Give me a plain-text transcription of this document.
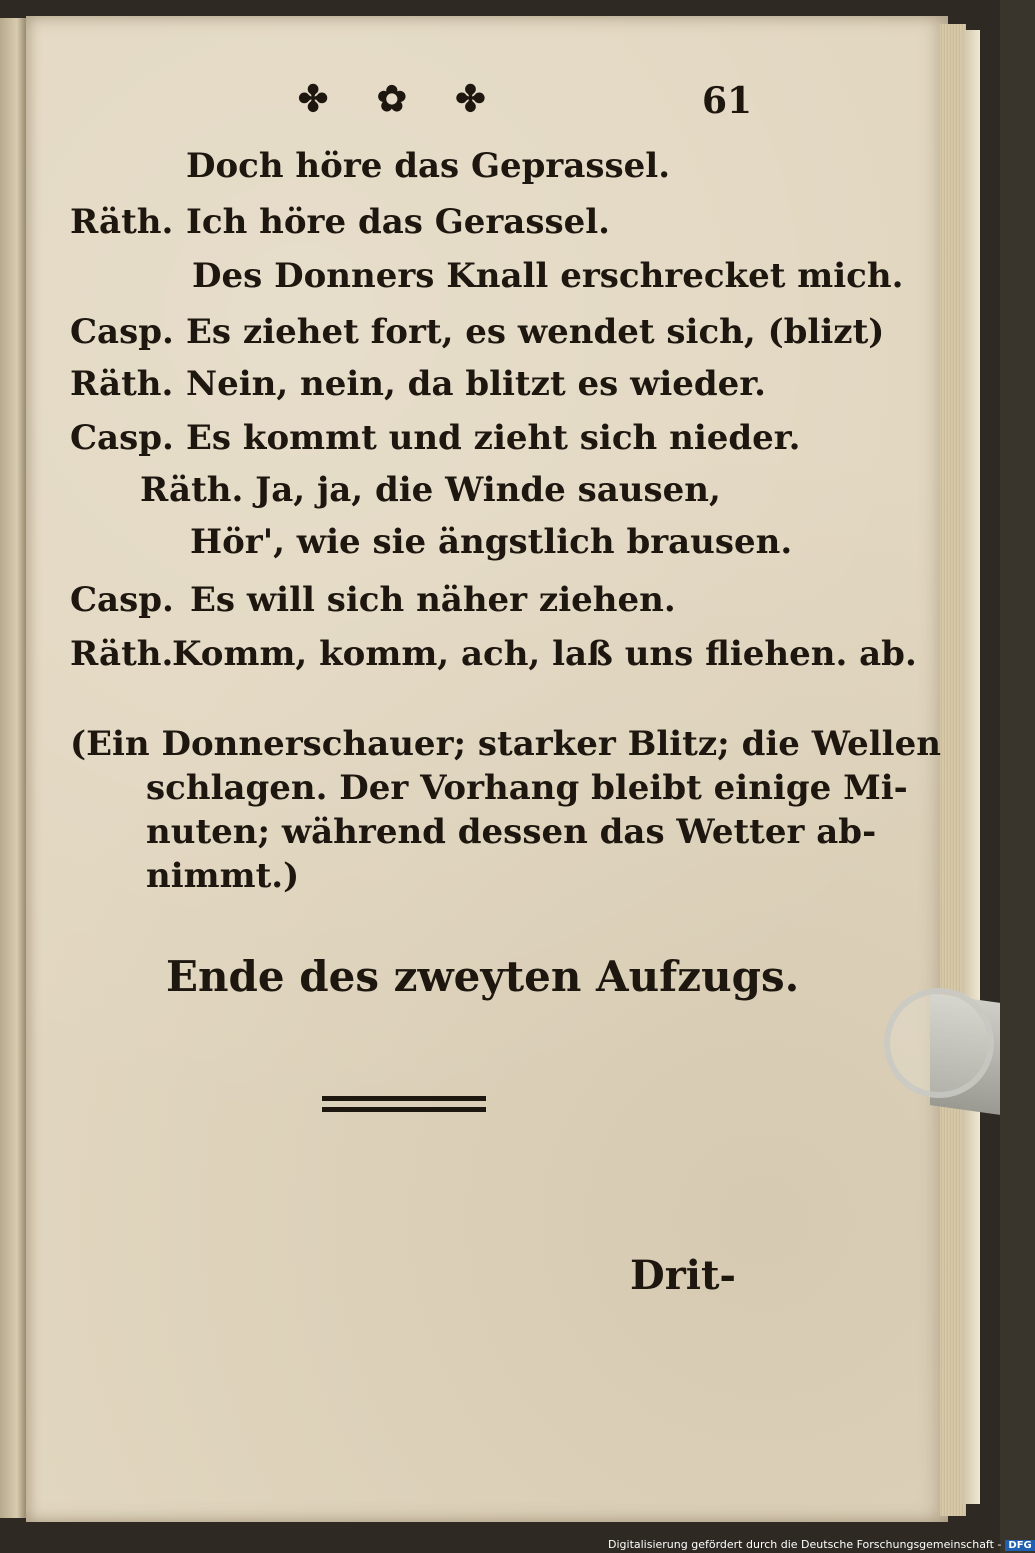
✤ ✿ ✤	61
Doch höre das Geprassel.
Räth. Ich höre das Gerassel.
Des Donners Knall erschrecket mich.
Casp. Es ziehet fort, es wendet sich, (blizt)
Räth. Nein, nein, da blitzt es wieder.
Casp. Es kommt und zieht sich nieder.
Räth. Ja, ja, die Winde sausen,
Hör', wie sie ängstlich brausen.
Casp. Es will sich näher ziehen.
Räth.
Komm, komm, ach, laß uns fliehen. ab.
(Ein Donnerschauer; starker Blitz; die Wellen
schlagen. Der Vorhang bleibt einige Mi-
nuten; während dessen das Wetter ab-
nimmt.)
Ende des zweyten Aufzugs.
Drit-
Digitalisierung gefördert durch die Deutsche Forschungsgemeinschaft - DFG
